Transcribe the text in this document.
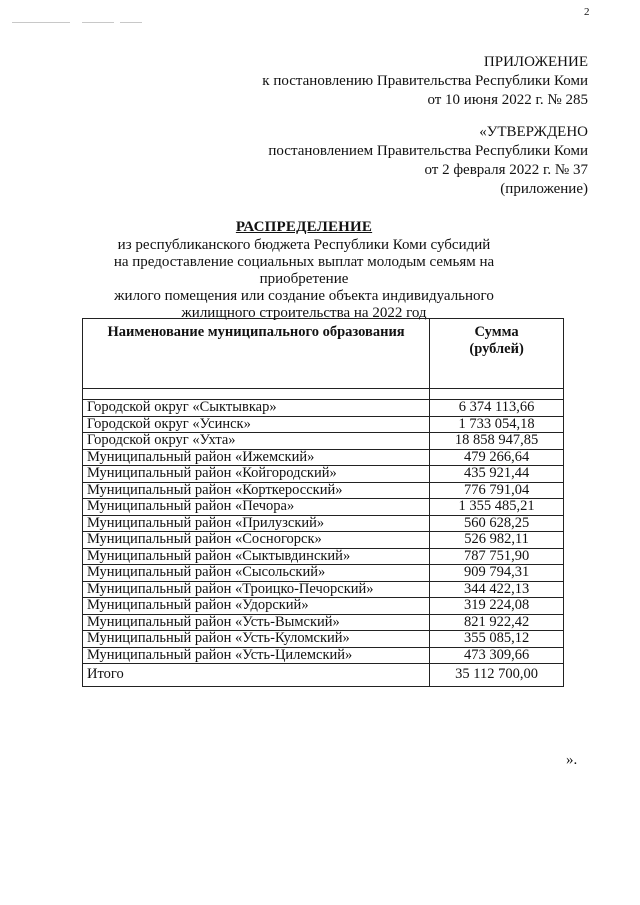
2
ПРИЛОЖЕНИЕ
к постановлению Правительства Республики Коми
от 10 июня 2022 г. № 285
«УТВЕРЖДЕНО
постановлением Правительства Республики Коми
от 2 февраля 2022 г. № 37
(приложение)
РАСПРЕДЕЛЕНИЕ
из республиканского бюджета Республики Коми субсидий
на предоставление социальных выплат молодым семьям на приобретение
жилого помещения или создание объекта индивидуального
жилищного строительства на 2022 год
Наименование муниципального образования	Сумма
(рублей)

Городской округ «Сыктывкар»	6 374 113,66
Городской округ «Усинск»	1 733 054,18
Городской округ «Ухта»	18 858 947,85
Муниципальный район «Ижемский»	479 266,64
Муниципальный район «Койгородский»	435 921,44
Муниципальный район «Корткеросский»	776 791,04
Муниципальный район «Печора»	1 355 485,21
Муниципальный район «Прилузский»	560 628,25
Муниципальный район «Сосногорск»	526 982,11
Муниципальный район «Сыктывдинский»	787 751,90
Муниципальный район «Сысольский»	909 794,31
Муниципальный район «Троицко-Печорский»	344 422,13
Муниципальный район «Удорский»	319 224,08
Муниципальный район «Усть-Вымский»	821 922,42
Муниципальный район «Усть-Куломский»	355 085,12
Муниципальный район «Усть-Цилемский»	473 309,66
Итого	35 112 700,00
».
